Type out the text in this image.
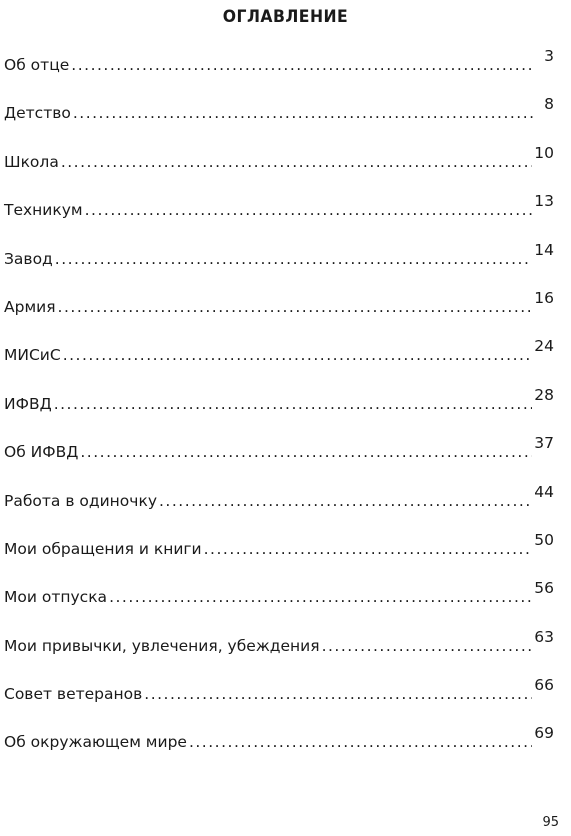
ОГЛАВЛЕНИЕ
Об отце .....	3
Детство .....	8
Школа .....	10
Техникум .....	13
Завод .....	14
Армия .....	16
МИСиС .....	24
ИФВД .....	28
Об ИФВД .....	37
Работа в одиночку .....	44
Мои обращения и книги .....	50
Мои отпуска .....	56
Мои привычки, увлечения, убеждения .....	63
Совет ветеранов .....	66
Об окружающем мире .....	69
95
